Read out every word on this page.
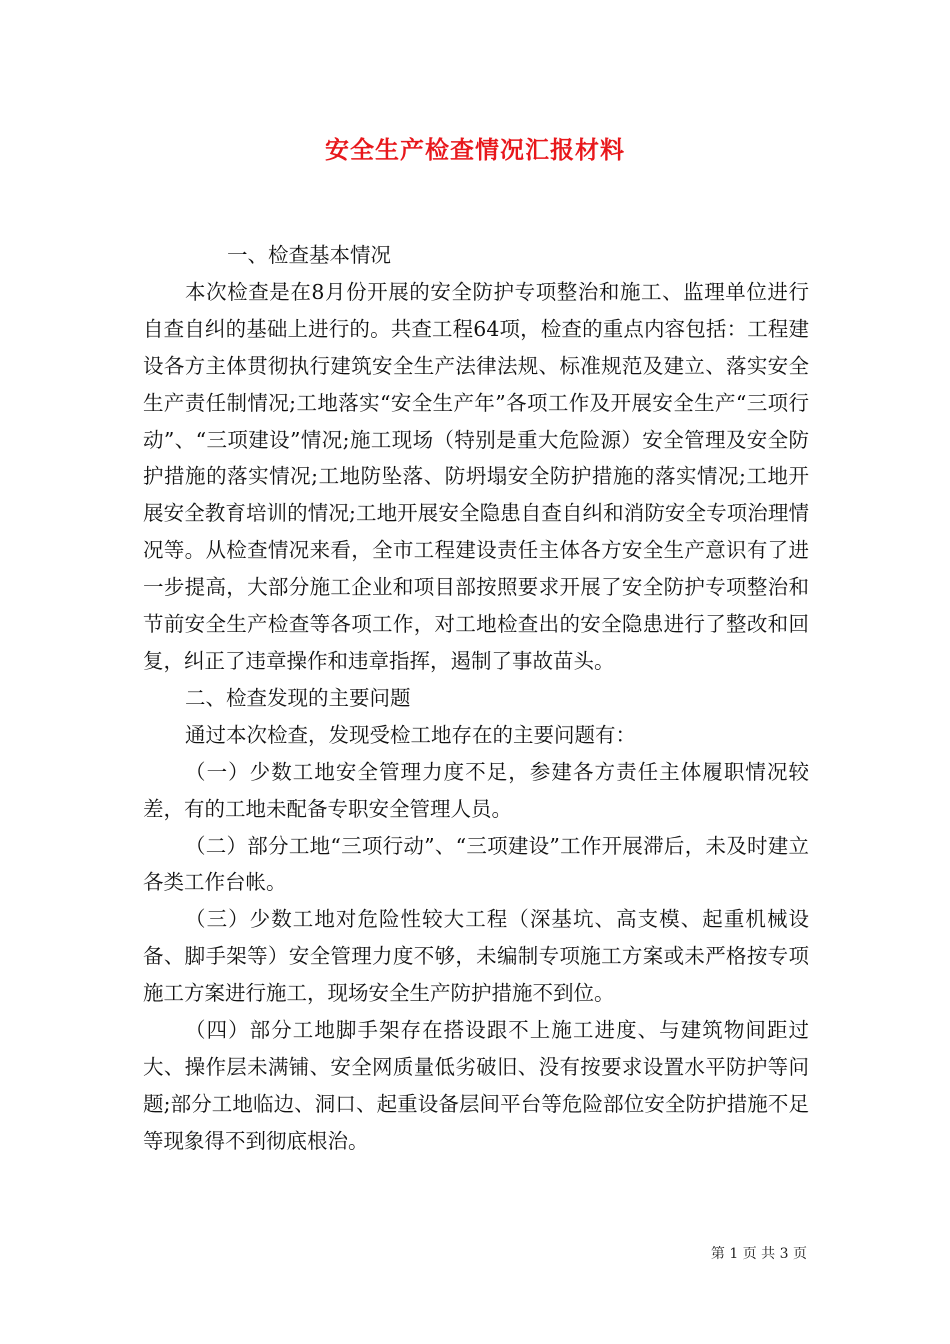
安全生产检查情况汇报材料

一、检查基本情况

本次检查是在8月份开展的安全防护专项整治和施工、监理单位进行自查自纠的基础上进行的。共查工程64项，检查的重点内容包括：工程建设各方主体贯彻执行建筑安全生产法律法规、标准规范及建立、落实安全生产责任制情况;工地落实“安全生产年”各项工作及开展安全生产“三项行动”、“三项建设”情况;施工现场（特别是重大危险源）安全管理及安全防护措施的落实情况;工地防坠落、防坍塌安全防护措施的落实情况;工地开展安全教育培训的情况;工地开展安全隐患自查自纠和消防安全专项治理情况等。从检查情况来看，全市工程建设责任主体各方安全生产意识有了进一步提高，大部分施工企业和项目部按照要求开展了安全防护专项整治和节前安全生产检查等各项工作，对工地检查出的安全隐患进行了整改和回复，纠正了违章操作和违章指挥，遏制了事故苗头。

二、检查发现的主要问题

通过本次检查，发现受检工地存在的主要问题有：

（一）少数工地安全管理力度不足，参建各方责任主体履职情况较差，有的工地未配备专职安全管理人员。

（二）部分工地“三项行动”、“三项建设”工作开展滞后，未及时建立各类工作台帐。

（三）少数工地对危险性较大工程（深基坑、高支模、起重机械设备、脚手架等）安全管理力度不够，未编制专项施工方案或未严格按专项施工方案进行施工，现场安全生产防护措施不到位。

（四）部分工地脚手架存在搭设跟不上施工进度、与建筑物间距过大、操作层未满铺、安全网质量低劣破旧、没有按要求设置水平防护等问题;部分工地临边、洞口、起重设备层间平台等危险部位安全防护措施不足等现象得不到彻底根治。

第 1 页 共 3 页
